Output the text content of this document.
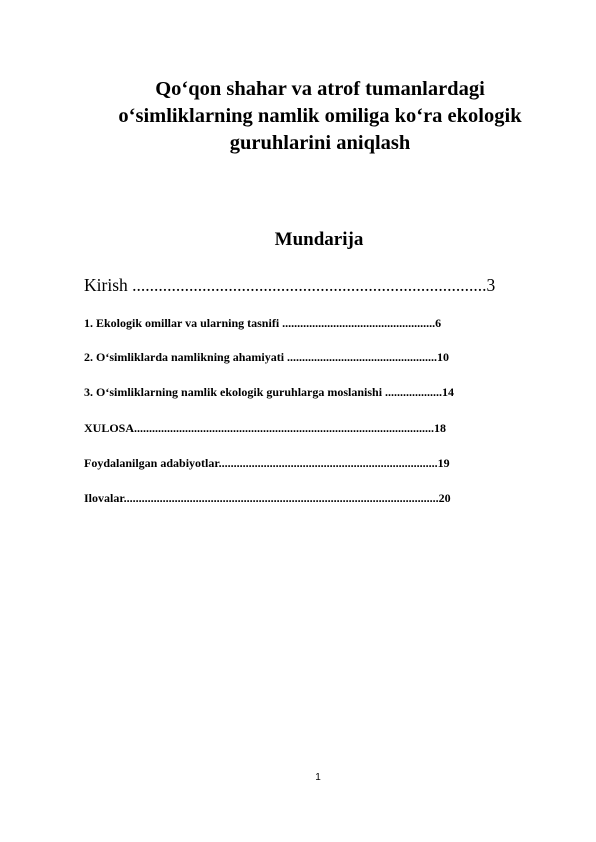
Qo‘qon shahar va atrof tumanlardagi o‘simliklarning namlik omiliga ko‘ra ekologik guruhlarini aniqlash
Mundarija

Kirish .................................................................................3

1. Ekologik omillar va ularning tasnifi ...................................................6

2. O‘simliklarda namlikning ahamiyati ..................................................10

3. O‘simliklarning namlik ekologik guruhlarga moslanishi ...................14

XULOSA....................................................................................................18

Foydalanilgan adabiyotlar.........................................................................19

Ilovalar.........................................................................................................20

1
